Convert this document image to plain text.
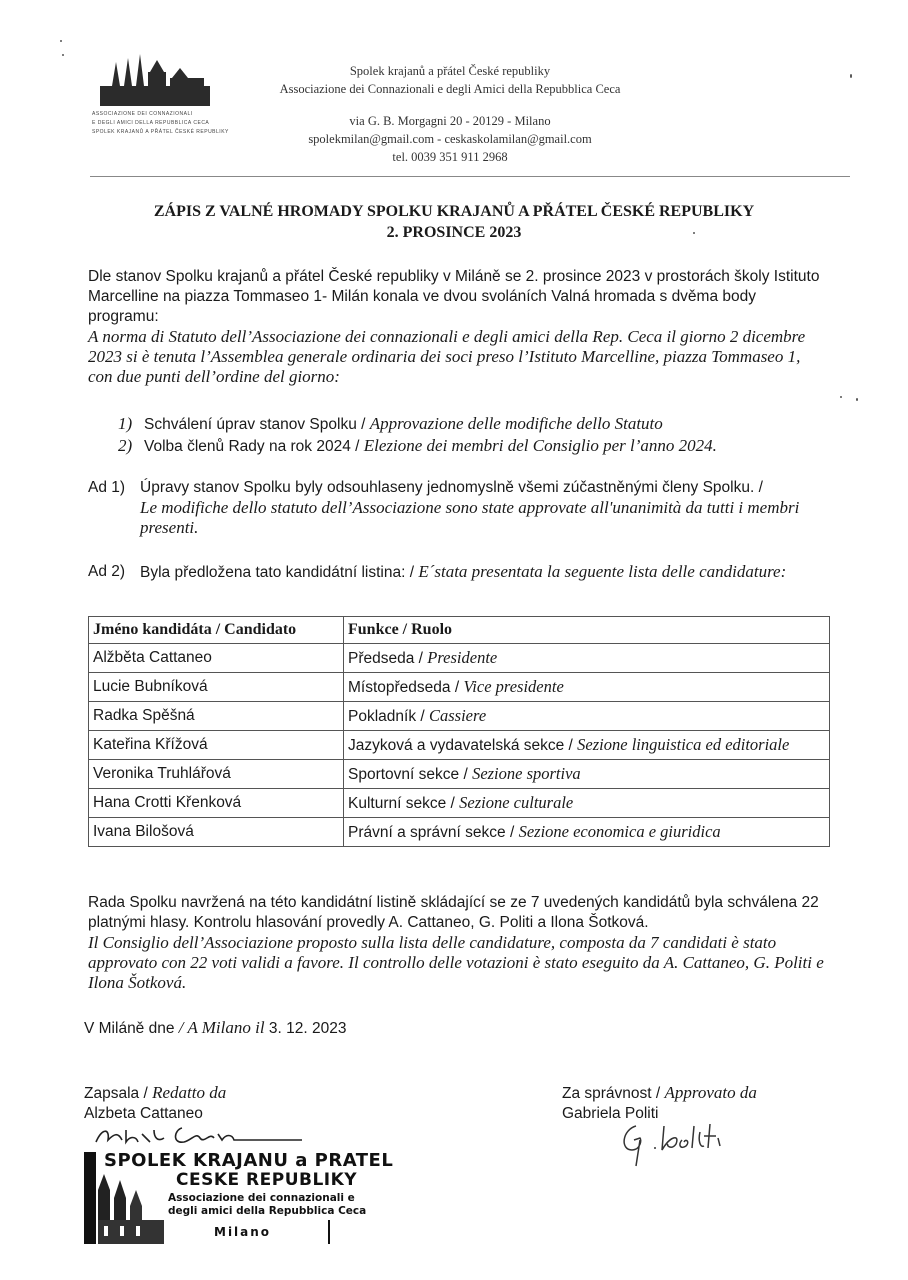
ASSOCIAZIONE DEI CONNAZIONALI
E DEGLI AMICI DELLA REPUBBLICA CECA
SPOLEK KRAJANŮ A PŘÁTEL ČESKÉ REPUBLIKY
Spolek krajanů a přátel České republiky
Associazione dei Connazionali e degli Amici della Repubblica Ceca
via G. B. Morgagni 20 - 20129 - Milano
spolekmilan@gmail.com - ceskaskolamilan@gmail.com
tel. 0039 351 911 2968
ZÁPIS Z VALNÉ HROMADY SPOLKU KRAJANŮ A PŘÁTEL ČESKÉ REPUBLIKY
2. PROSINCE 2023
Dle stanov Spolku krajanů a přátel České republiky v Miláně se 2. prosince 2023 v prostorách školy Istituto Marcelline na piazza Tommaseo 1- Milán konala ve dvou svoláních Valná hromada s dvěma body programu:
A norma di Statuto dell’Associazione dei connazionali e degli amici della Rep. Ceca il giorno 2 dicembre 2023 si è tenuta l’Assemblea generale ordinaria dei soci preso l’Istituto Marcelline, piazza Tommaseo 1, con due punti dell’ordine del giorno:
1) Schválení úprav stanov Spolku / Approvazione delle modifiche dello Statuto
2) Volba členů Rady na rok 2024 / Elezione dei membri del Consiglio per l’anno 2024.
Ad 1) Úpravy stanov Spolku byly odsouhlaseny jednomyslně všemi zúčastněnými členy Spolku. /
Le modifiche dello statuto dell’Associazione sono state approvate all'unanimità da tutti i membri presenti.
Ad 2) Byla předložena tato kandidátní listina: / E´stata presentata la seguente lista delle candidature:
Jméno kandidáta / Candidato	Funkce / Ruolo
Alžběta Cattaneo	Předseda / Presidente
Lucie Bubníková	Místopředseda / Vice presidente
Radka Spěšná	Pokladník / Cassiere
Kateřina Křížová	Jazyková a vydavatelská sekce / Sezione linguistica ed editoriale
Veronika Truhlářová	Sportovní sekce / Sezione sportiva
Hana Crotti Křenková	Kulturní sekce / Sezione culturale
Ivana Bilošová	Právní a správní sekce / Sezione economica e giuridica
Rada Spolku navržená na této kandidátní listině skládající se ze 7 uvedených kandidátů byla schválena 22 platnými hlasy. Kontrolu hlasování provedly A. Cattaneo, G. Politi a Ilona Šotková.
Il Consiglio dell’Associazione proposto sulla lista delle candidature, composta da 7 candidati è stato approvato con 22 voti validi a favore. Il controllo delle votazioni è stato eseguito da A. Cattaneo, G. Politi e Ilona Šotková.
V Miláně dne / A Milano il 3. 12. 2023
Zapsala / Redatto da
Alzbeta Cattaneo
Za správnost / Approvato da
Gabriela Politi
SPOLEK KRAJANU a PRATEL
CESKE REPUBLIKY
Associazione dei connazionali e
degli amici della Repubblica Ceca
Milano
